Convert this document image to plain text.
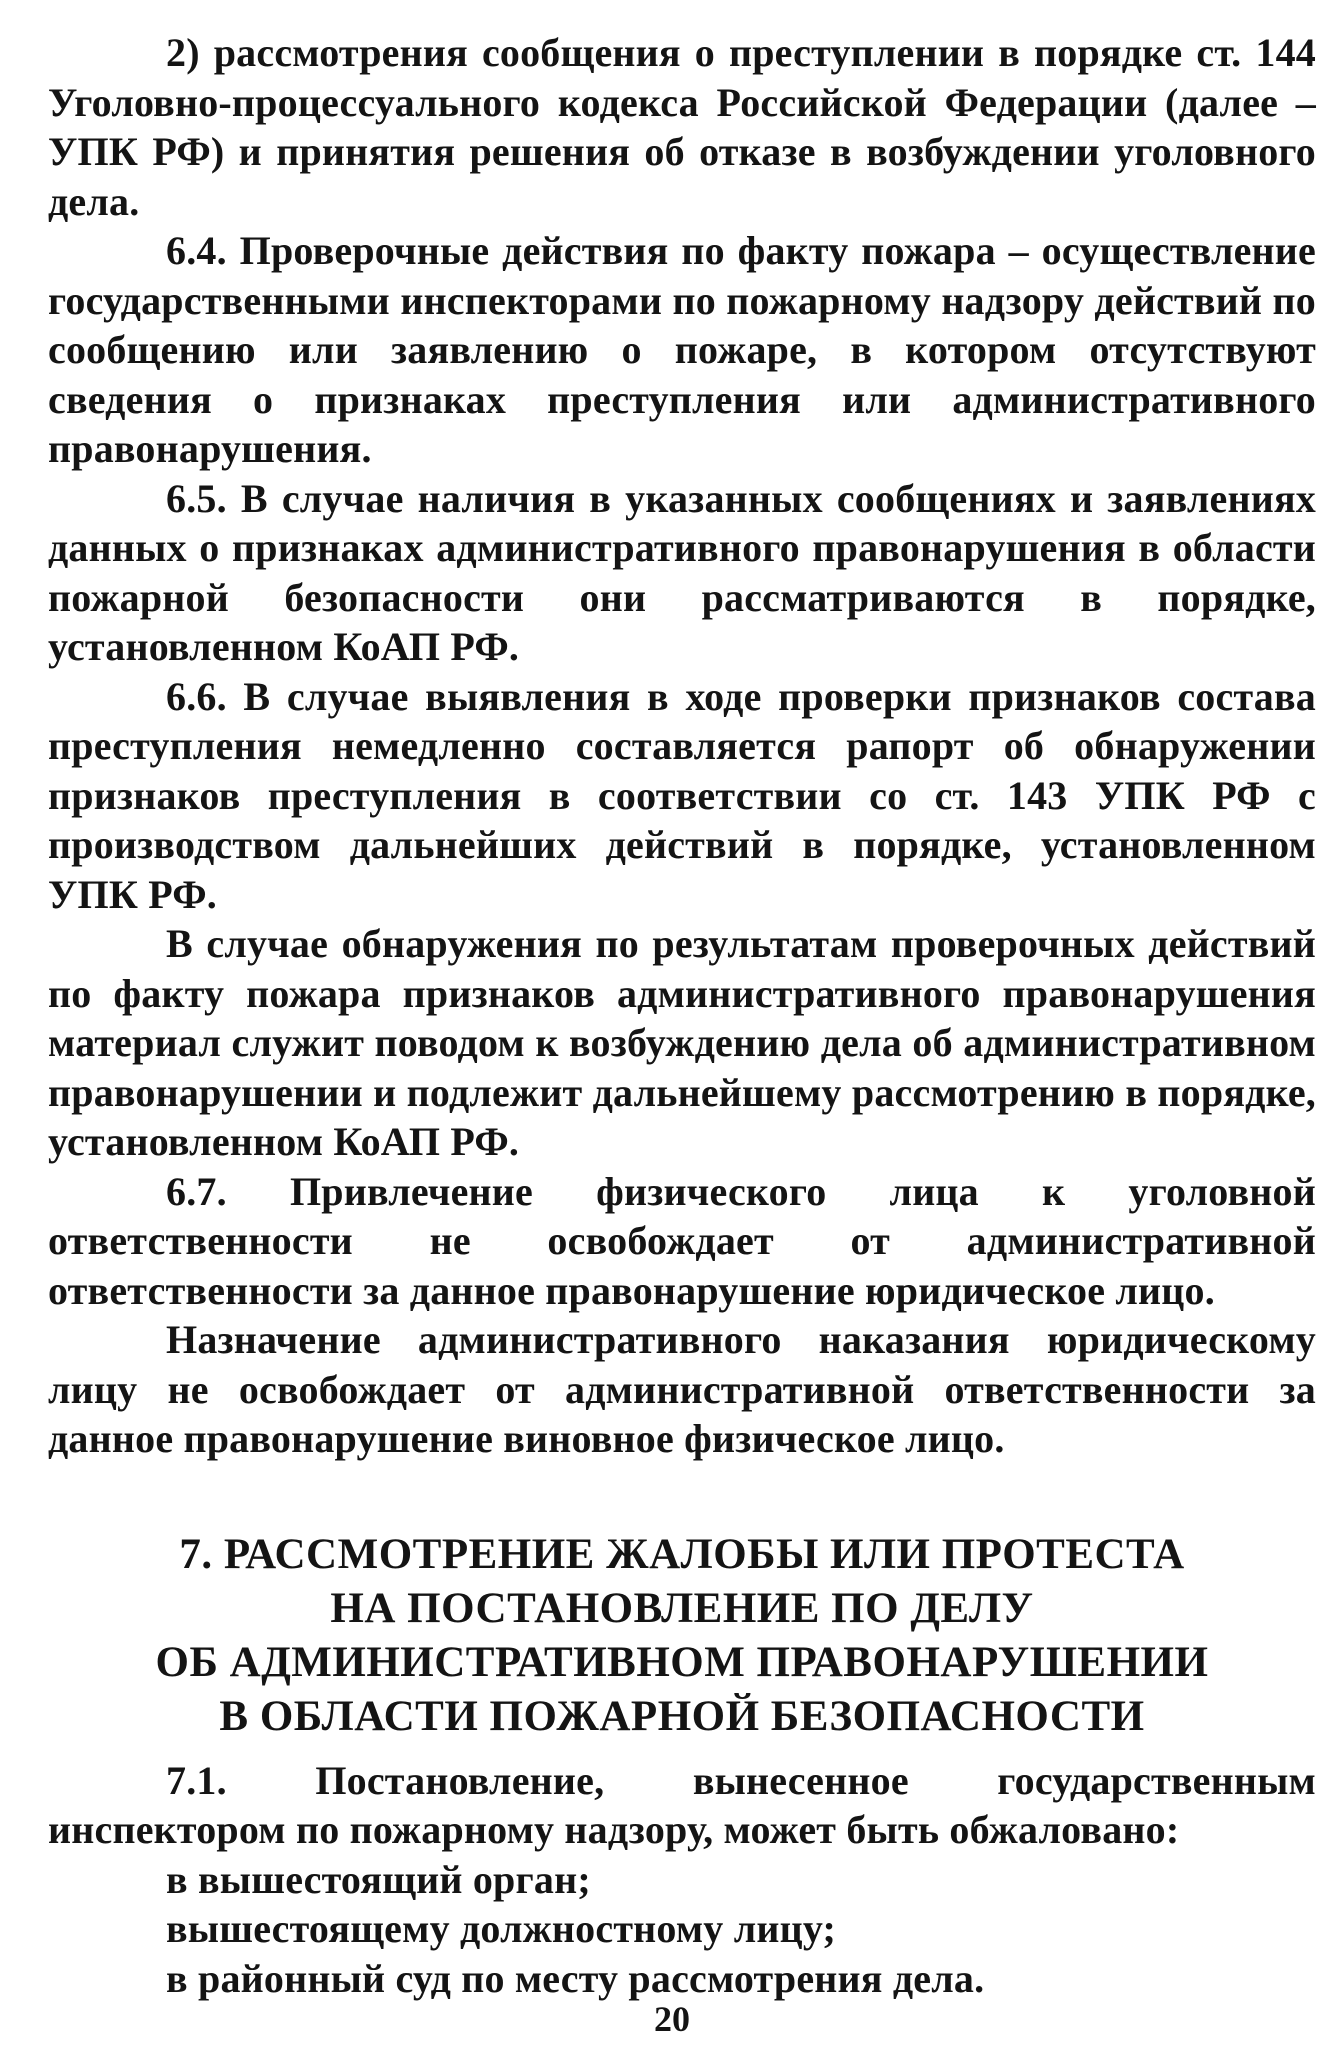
2) рассмотрения сообщения о преступлении в порядке ст. 144 Уголовно-процессуального кодекса Российской Федерации (далее – УПК РФ) и принятия решения об отказе в возбуждении уголовного дела.

6.4. Проверочные действия по факту пожара – осуществление государственными инспекторами по пожарному надзору действий по сообщению или заявлению о пожаре, в котором отсутствуют сведения о признаках преступления или административного правонарушения.

6.5. В случае наличия в указанных сообщениях и заявлениях данных о признаках административного правонарушения в области пожарной безопасности они рассматриваются в порядке, установленном КоАП РФ.

6.6. В случае выявления в ходе проверки признаков состава преступления немедленно составляется рапорт об обнаружении признаков преступления в соответствии со ст. 143 УПК РФ с производством дальнейших действий в порядке, установленном УПК РФ.

В случае обнаружения по результатам проверочных действий по факту пожара признаков административного правонарушения материал служит поводом к возбуждению дела об административном правонарушении и подлежит дальнейшему рассмотрению в порядке, установленном КоАП РФ.

6.7. Привлечение физического лица к уголовной ответственности не освобождает от административной ответственности за данное правонарушение юридическое лицо.

Назначение административного наказания юридическому лицу не освобождает от административной ответственности за данное правонарушение виновное физическое лицо.

7. РАССМОТРЕНИЕ ЖАЛОБЫ ИЛИ ПРОТЕСТА
НА ПОСТАНОВЛЕНИЕ ПО ДЕЛУ
ОБ АДМИНИСТРАТИВНОМ ПРАВОНАРУШЕНИИ
В ОБЛАСТИ ПОЖАРНОЙ БЕЗОПАСНОСТИ

7.1. Постановление, вынесенное государственным инспектором по пожарному надзору, может быть обжаловано:

в вышестоящий орган;

вышестоящему должностному лицу;

в районный суд по месту рассмотрения дела.

20
